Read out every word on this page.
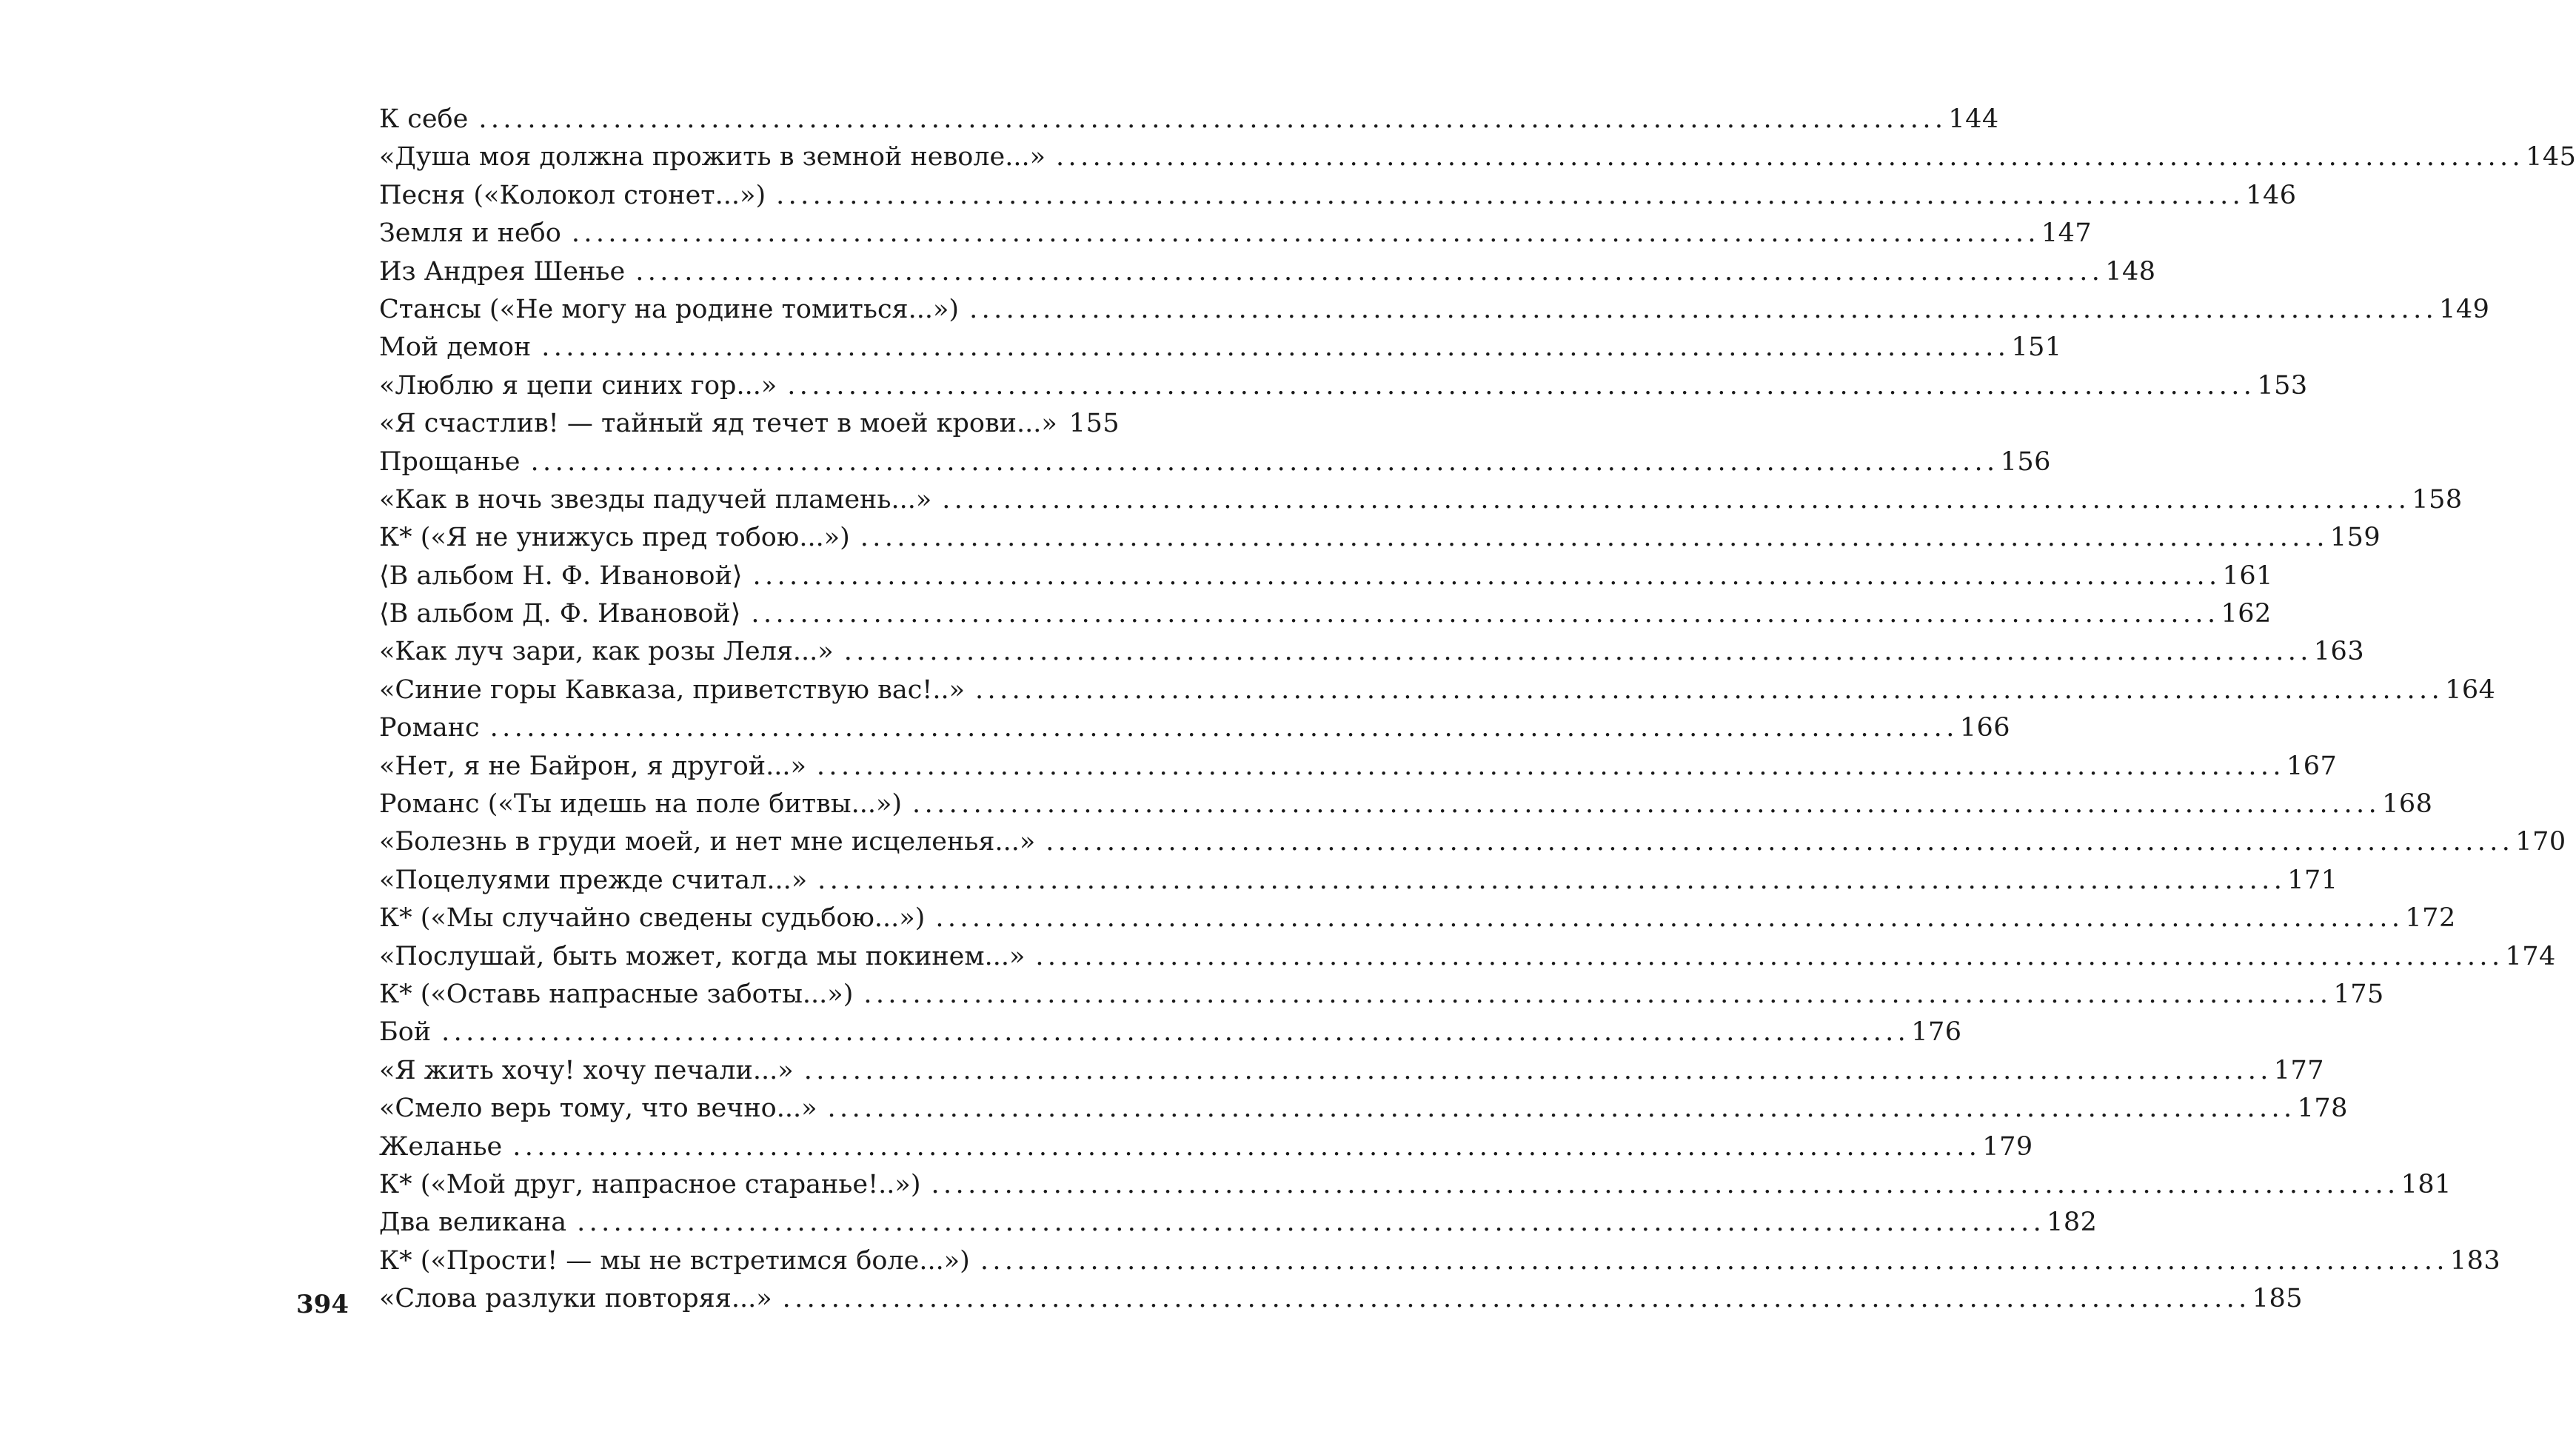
К себе ........................................................................................................................ 144
«Душа моя должна прожить в земной неволе...» ........................................................................................................................ 145
Песня («Колокол стонет...») ........................................................................................................................ 146
Земля и небо ........................................................................................................................ 147
Из Андрея Шенье ........................................................................................................................ 148
Стансы («Не могу на родине томиться...») ........................................................................................................................ 149
Мой демон ........................................................................................................................ 151
«Люблю я цепи синих гор...» ........................................................................................................................ 153
«Я счастлив! — тайный яд течет в моей крови...» 155
Прощанье ........................................................................................................................ 156
«Как в ночь звезды падучей пламень...» ........................................................................................................................ 158
К* («Я не унижусь пред тобою...») ........................................................................................................................ 159
⟨В альбом Н. Ф. Ивановой⟩ ........................................................................................................................ 161
⟨В альбом Д. Ф. Ивановой⟩ ........................................................................................................................ 162
«Как луч зари, как розы Леля...» ........................................................................................................................ 163
«Синие горы Кавказа, приветствую вас!..» ........................................................................................................................ 164
Романс ........................................................................................................................ 166
«Нет, я не Байрон, я другой...» ........................................................................................................................ 167
Романс («Ты идешь на поле битвы...») ........................................................................................................................ 168
«Болезнь в груди моей, и нет мне исцеленья...» ........................................................................................................................ 170
«Поцелуями прежде считал...» ........................................................................................................................ 171
К* («Мы случайно сведены судьбою...») ........................................................................................................................ 172
«Послушай, быть может, когда мы покинем...» ........................................................................................................................ 174
К* («Оставь напрасные заботы...») ........................................................................................................................ 175
Бой ........................................................................................................................ 176
«Я жить хочу! хочу печали...» ........................................................................................................................ 177
«Смело верь тому, что вечно...» ........................................................................................................................ 178
Желанье ........................................................................................................................ 179
К* («Мой друг, напрасное старанье!..») ........................................................................................................................ 181
Два великана ........................................................................................................................ 182
К* («Прости! — мы не встретимся боле...») ........................................................................................................................ 183
«Слова разлуки повторяя...» ........................................................................................................................ 185
394
